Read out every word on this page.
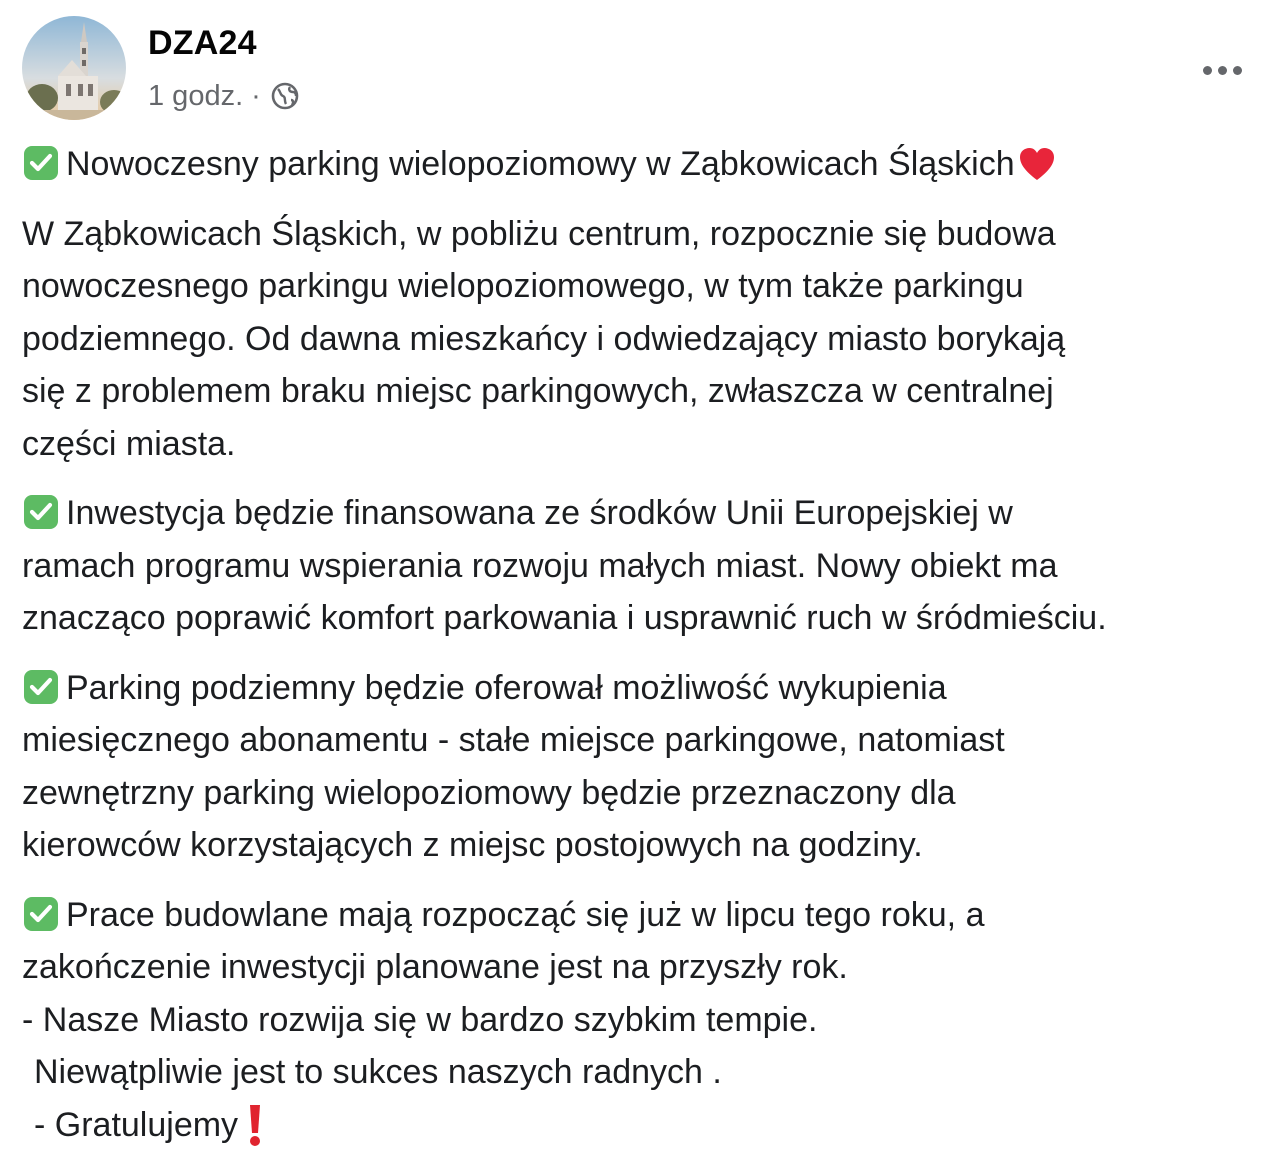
DZA24
1 godz. ·
Nowoczesny parking wielopoziomowy w Ząbkowicach Śląskich
W Ząbkowicach Śląskich, w pobliżu centrum, rozpocznie się budowa
nowoczesnego parkingu wielopoziomowego, w tym także parkingu
podziemnego. Od dawna mieszkańcy i odwiedzający miasto borykają
się z problemem braku miejsc parkingowych, zwłaszcza w centralnej
części miasta.
Inwestycja będzie finansowana ze środków Unii Europejskiej w
ramach programu wspierania rozwoju małych miast. Nowy obiekt ma
znacząco poprawić komfort parkowania i usprawnić ruch w śródmieściu.
Parking podziemny będzie oferował możliwość wykupienia
miesięcznego abonamentu - stałe miejsce parkingowe, natomiast
zewnętrzny parking wielopoziomowy będzie przeznaczony dla
kierowców korzystających z miejsc postojowych na godziny.
Prace budowlane mają rozpocząć się już w lipcu tego roku, a
zakończenie inwestycji planowane jest na przyszły rok.
- Nasze Miasto rozwija się w bardzo szybkim tempie.
Niewątpliwie jest to sukces naszych radnych .
- Gratulujemy
